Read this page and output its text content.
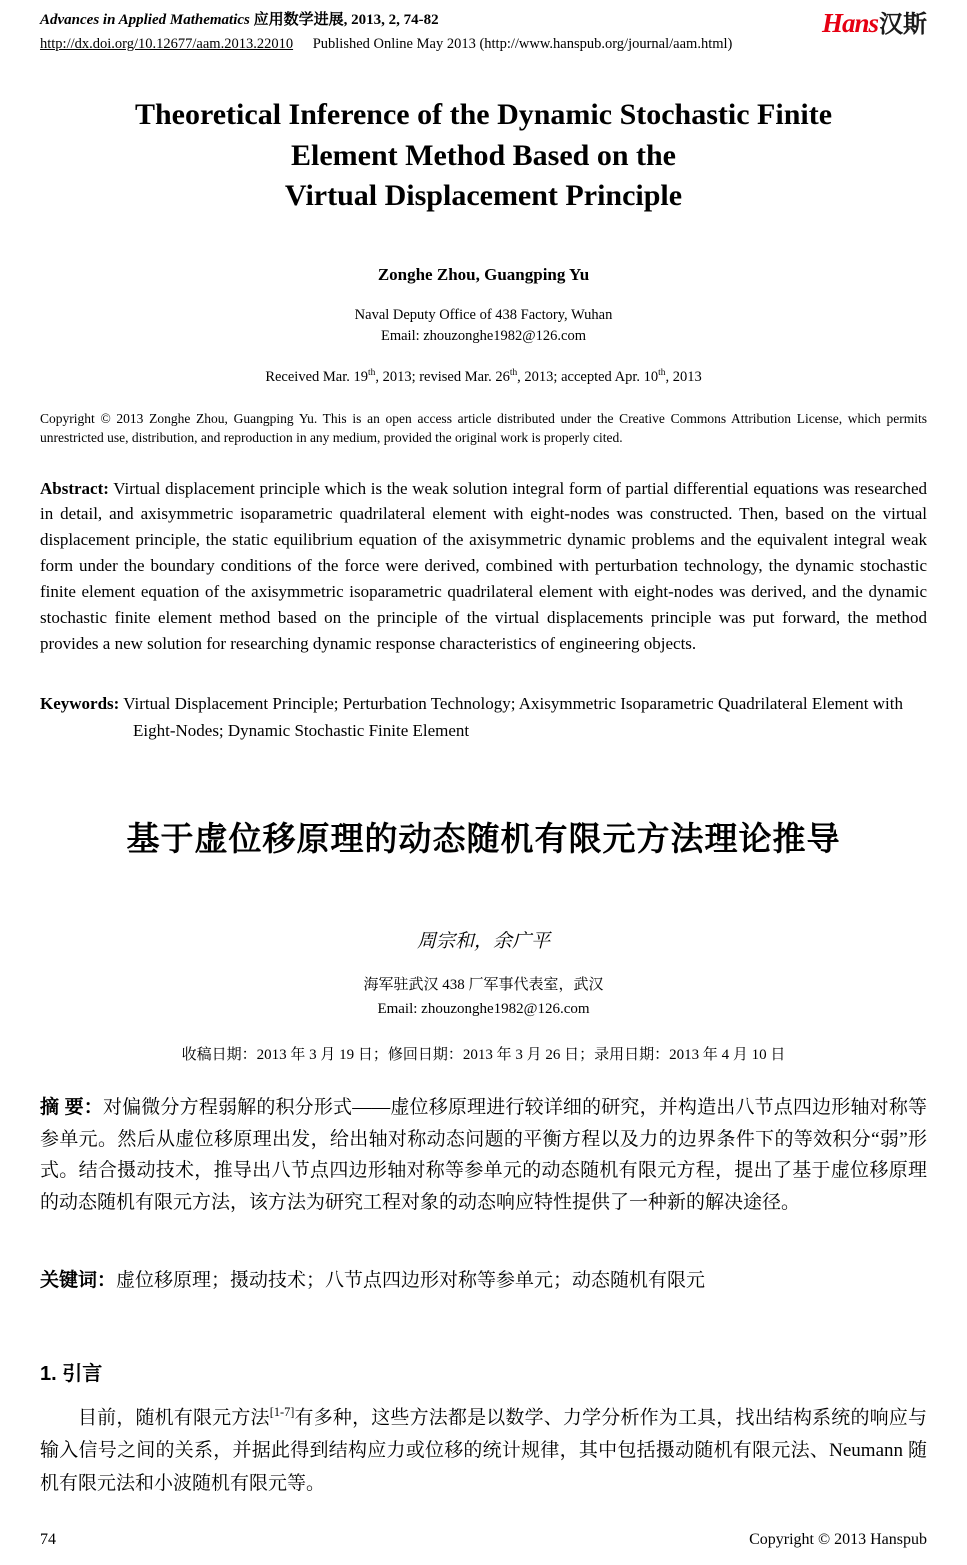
Advances in Applied Mathematics 应用数学进展, 2013, 2, 74-82
http://dx.doi.org/10.12677/aam.2013.22010 Published Online May 2013 (http://www.hanspub.org/journal/aam.html)
Hans汉斯
Theoretical Inference of the Dynamic Stochastic Finite
Element Method Based on the
Virtual Displacement Principle
Zonghe Zhou, Guangping Yu
Naval Deputy Office of 438 Factory, Wuhan
Email: zhouzonghe1982@126.com
Received Mar. 19th, 2013; revised Mar. 26th, 2013; accepted Apr. 10th, 2013
Copyright © 2013 Zonghe Zhou, Guangping Yu. This is an open access article distributed under the Creative Commons Attribution License, which permits unrestricted use, distribution, and reproduction in any medium, provided the original work is properly cited.

Abstract: Virtual displacement principle which is the weak solution integral form of partial differential equations was researched in detail, and axisymmetric isoparametric quadrilateral element with eight-nodes was constructed. Then, based on the virtual displacement principle, the static equilibrium equation of the axisymmetric dynamic problems and the equivalent integral weak form under the boundary conditions of the force were derived, combined with perturbation technology, the dynamic stochastic finite element equation of the axisymmetric isoparametric quadrilateral element with eight-nodes was derived, and the dynamic stochastic finite element method based on the principle of the virtual displacements principle was put forward, the method provides a new solution for researching dynamic response characteristics of engineering objects.

Keywords: Virtual Displacement Principle; Perturbation Technology; Axisymmetric Isoparametric Quadrilateral Element with Eight-Nodes; Dynamic Stochastic Finite Element

基于虚位移原理的动态随机有限元方法理论推导
周宗和，余广平
海军驻武汉 438 厂军事代表室，武汉
Email: zhouzonghe1982@126.com
收稿日期：2013 年 3 月 19 日；修回日期：2013 年 3 月 26 日；录用日期：2013 年 4 月 10 日

摘 要：对偏微分方程弱解的积分形式——虚位移原理进行较详细的研究，并构造出八节点四边形轴对称等参单元。然后从虚位移原理出发，给出轴对称动态问题的平衡方程以及力的边界条件下的等效积分“弱”形式。结合摄动技术，推导出八节点四边形轴对称等参单元的动态随机有限元方程，提出了基于虚位移原理的动态随机有限元方法，该方法为研究工程对象的动态响应特性提供了一种新的解决途径。

关键词：虚位移原理；摄动技术；八节点四边形对称等参单元；动态随机有限元

1. 引言

目前，随机有限元方法[1-7]有多种，这些方法都是以数学、力学分析作为工具，找出结构系统的响应与输入信号之间的关系，并据此得到结构应力或位移的统计规律，其中包括摄动随机有限元法、Neumann 随机有限元法和小波随机有限元等。

74	Copyright © 2013 Hanspub
